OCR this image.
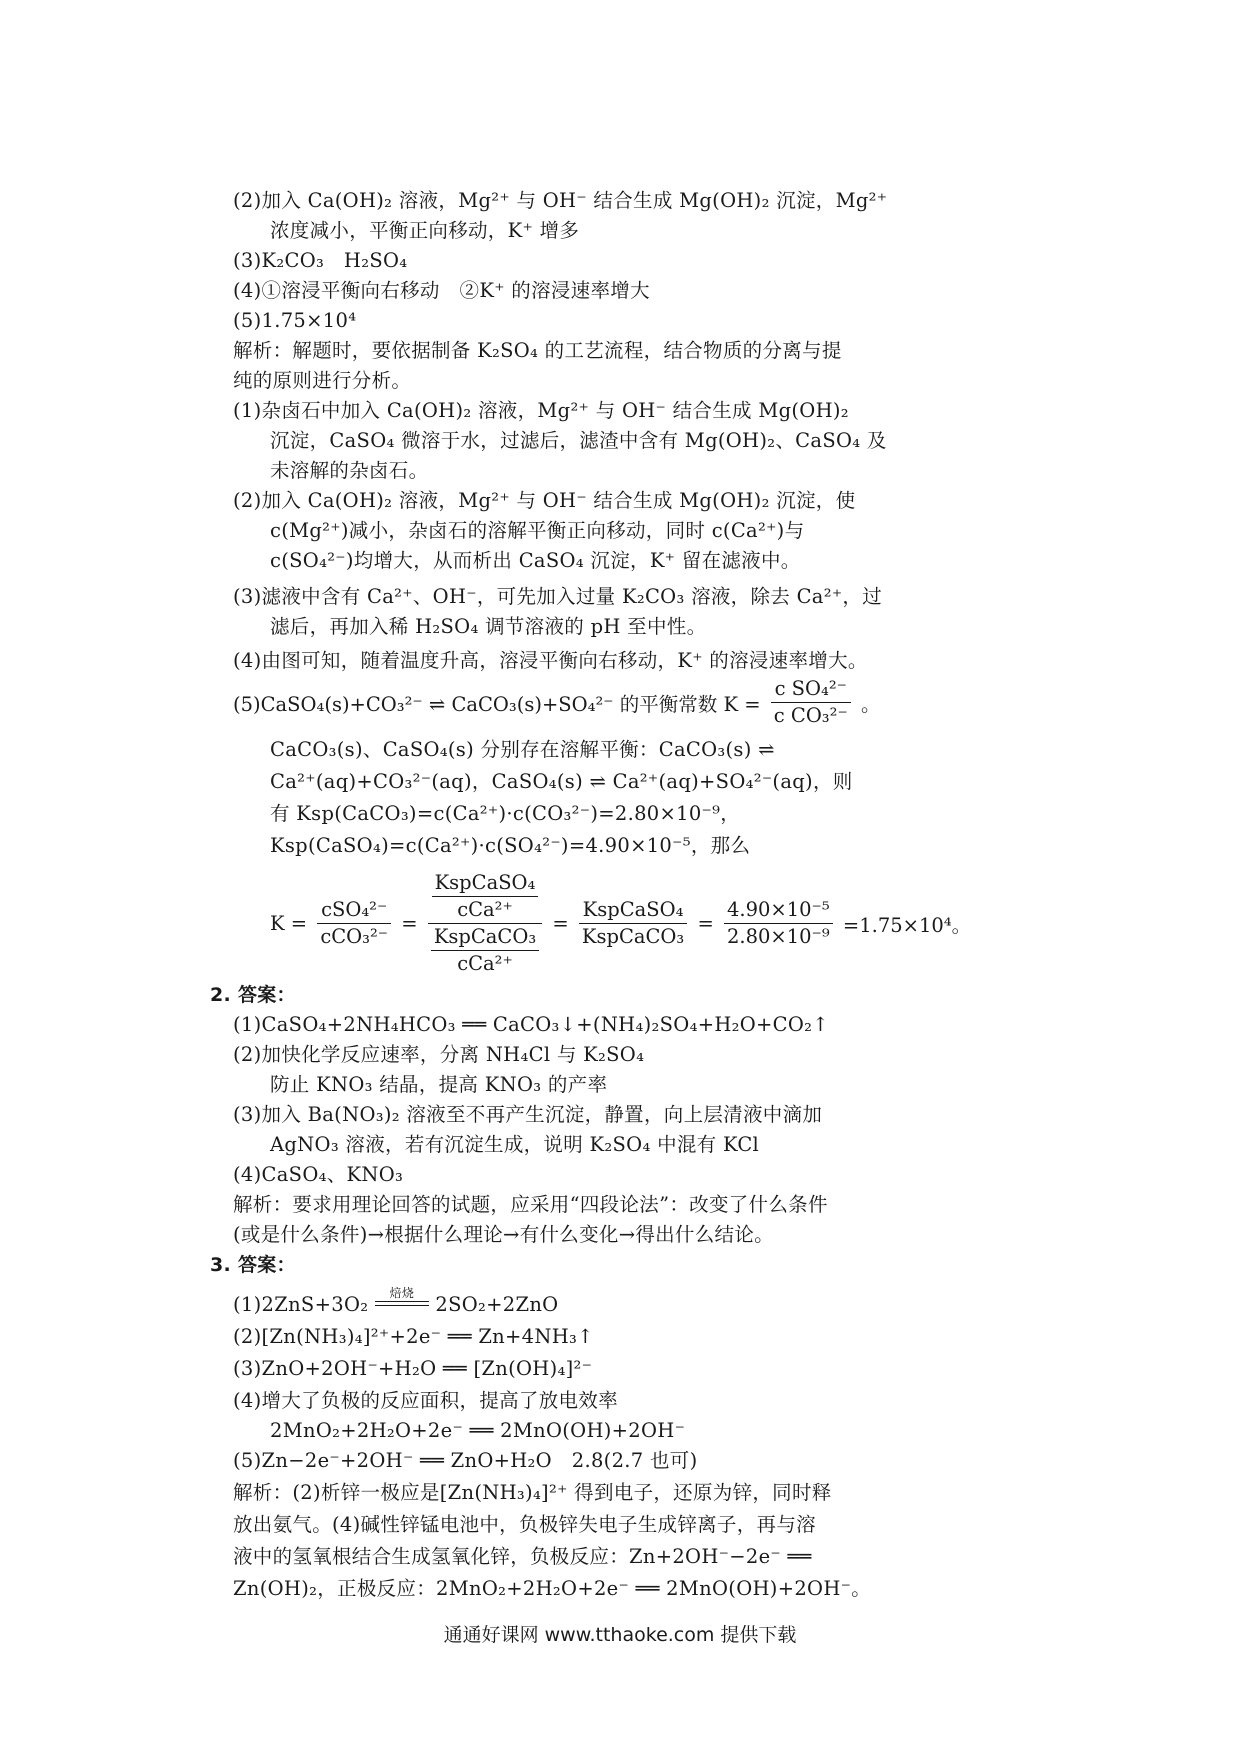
(2)加入 Ca(OH)₂ 溶液，Mg²⁺ 与 OH⁻ 结合生成 Mg(OH)₂ 沉淀，Mg²⁺
浓度减小，平衡正向移动，K⁺ 增多
(3)K₂CO₃　H₂SO₄
(4)①溶浸平衡向右移动　②K⁺ 的溶浸速率增大
(5)1.75×10⁴
解析：解题时，要依据制备 K₂SO₄ 的工艺流程，结合物质的分离与提
纯的原则进行分析。
(1)杂卤石中加入 Ca(OH)₂ 溶液，Mg²⁺ 与 OH⁻ 结合生成 Mg(OH)₂
沉淀，CaSO₄ 微溶于水，过滤后，滤渣中含有 Mg(OH)₂、CaSO₄ 及
未溶解的杂卤石。
(2)加入 Ca(OH)₂ 溶液，Mg²⁺ 与 OH⁻ 结合生成 Mg(OH)₂ 沉淀，使
c(Mg²⁺)减小，杂卤石的溶解平衡正向移动，同时 c(Ca²⁺)与
c(SO₄²⁻)均增大，从而析出 CaSO₄ 沉淀，K⁺ 留在滤液中。
(3)滤液中含有 Ca²⁺、OH⁻，可先加入过量 K₂CO₃ 溶液，除去 Ca²⁺，过
滤后，再加入稀 H₂SO₄ 调节溶液的 pH 至中性。
(4)由图可知，随着温度升高，溶浸平衡向右移动，K⁺ 的溶浸速率增大。
(5)CaSO₄(s)+CO₃²⁻ ⇌ CaCO₃(s)+SO₄²⁻ 的平衡常数 $K = \frac{\text{c SO₄²⁻}}{\text{c CO₃²⁻}}$ 。
CaCO₃(s)、CaSO₄(s) 分别存在溶解平衡：CaCO₃(s) ⇌
Ca²⁺(aq)+CO₃²⁻(aq)，CaSO₄(s) ⇌ Ca²⁺(aq)+SO₄²⁻(aq)，则
有 Ksp(CaCO₃)=c(Ca²⁺)·c(CO₃²⁻)=2.80×10⁻⁹，
Ksp(CaSO₄)=c(Ca²⁺)·c(SO₄²⁻)=4.90×10⁻⁵，那么
$K = \frac{\text{cSO₄²⁻}}{\text{cCO₃²⁻}} = \frac{\frac{\text{KspCaSO₄}}{\text{cCa²⁺}}}{\frac{\text{KspCaCO₃}}{\text{cCa²⁺}}} = \frac{\text{KspCaSO₄}}{\text{KspCaCO₃}} = \frac{\text{4.90×10⁻⁵}}{\text{2.80×10⁻⁹}} =1.75\times 10^4$。
2. 答案：
(1)CaSO₄+2NH₄HCO₃ ══ CaCO₃↓+(NH₄)₂SO₄+H₂O+CO₂↑
(2)加快化学反应速率，分离 NH₄Cl 与 K₂SO₄
防止 KNO₃ 结晶，提高 KNO₃ 的产率
(3)加入 Ba(NO₃)₂ 溶液至不再产生沉淀，静置，向上层清液中滴加
AgNO₃ 溶液，若有沉淀生成，说明 K₂SO₄ 中混有 KCl
(4)CaSO₄、KNO₃
解析：要求用理论回答的试题，应采用“四段论法”：改变了什么条件
(或是什么条件)→根据什么理论→有什么变化→得出什么结论。
3. 答案：
(1)2ZnS+3O₂	焙烧	2SO₂+2ZnO
(2)[Zn(NH₃)₄]²⁺+2e⁻ ══ Zn+4NH₃↑
(3)ZnO+2OH⁻+H₂O ══ [Zn(OH)₄]²⁻
(4)增大了负极的反应面积，提高了放电效率
2MnO₂+2H₂O+2e⁻ ══ 2MnO(OH)+2OH⁻
(5)Zn−2e⁻+2OH⁻ ══ ZnO+H₂O　2.8(2.7 也可)
解析：(2)析锌一极应是[Zn(NH₃)₄]²⁺ 得到电子，还原为锌，同时释
放出氨气。(4)碱性锌锰电池中，负极锌失电子生成锌离子，再与溶
液中的氢氧根结合生成氢氧化锌，负极反应：Zn+2OH⁻−2e⁻ ══
Zn(OH)₂，正极反应：2MnO₂+2H₂O+2e⁻ ══ 2MnO(OH)+2OH⁻。
通通好课网 www.tthaoke.com 提供下载
